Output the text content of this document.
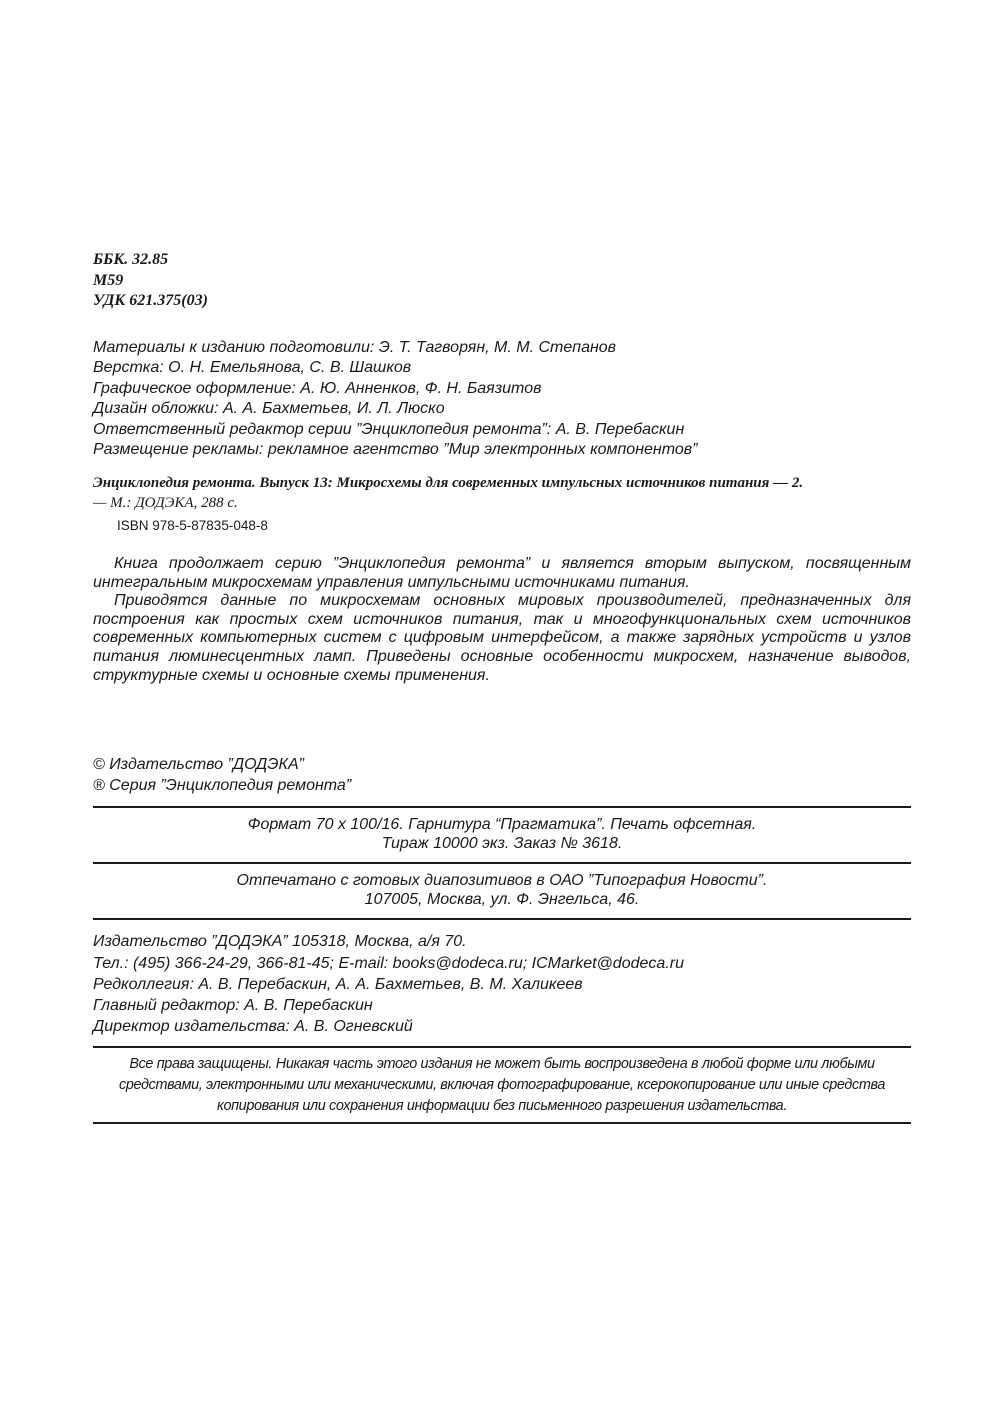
ББК. 32.85
М59
УДК 621.375(03)
Материалы к изданию подготовили: Э. Т. Тагворян, М. М. Степанов
Верстка: О. Н. Емельянова, С. В. Шашков
Графическое оформление: А. Ю. Анненков, Ф. Н. Баязитов
Дизайн обложки: А. А. Бахметьев, И. Л. Люско
Ответственный редактор серии ”Энциклопедия ремонта”: А. В. Перебаскин
Размещение рекламы: рекламное агентство ”Мир электронных компонентов”
Энциклопедия ремонта. Выпуск 13: Микросхемы для современных импульсных источников питания — 2.
— М.: ДОДЭКА, 288 с.
ISBN 978-5-87835-048-8

Книга продолжает серию ”Энциклопедия ремонта” и является вторым выпуском, посвященным интегральным микросхемам управления импульсными источниками питания.

Приводятся данные по микросхемам основных мировых производителей, предназначенных для построения как простых схем источников питания, так и многофункциональных схем источников современных компьютерных систем с цифровым интерфейсом, а также зарядных устройств и узлов питания люминесцентных ламп. Приведены основные особенности микросхем, назначение выводов, структурные схемы и основные схемы применения.

© Издательство ”ДОДЭКА”
® Серия ”Энциклопедия ремонта”
Формат 70 х 100/16. Гарнитура “Прагматика”. Печать офсетная.
Тираж 10000 экз. Заказ № 3618.
Отпечатано с готовых диапозитивов в ОАО ”Типография Новости”.
107005, Москва, ул. Ф. Энгельса, 46.
Издательство ”ДОДЭКА” 105318, Москва, а/я 70.
Тел.: (495) 366-24-29, 366-81-45; E-mail: books@dodeca.ru; ICMarket@dodeca.ru
Редколлегия: А. В. Перебаскин, А. А. Бахметьев, В. М. Халикеев
Главный редактор: А. В. Перебаскин
Директор издательства: А. В. Огневский
Все права защищены. Никакая часть этого издания не может быть воспроизведена в любой форме или любыми
средствами, электронными или механическими, включая фотографирование, ксерокопирование или иные средства
копирования или сохранения информации без письменного разрешения издательства.
